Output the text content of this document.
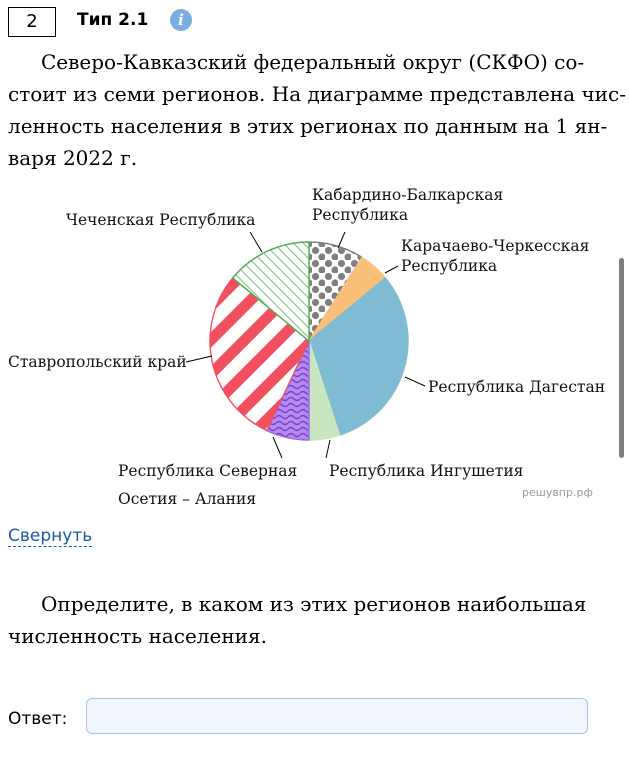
2	Тип 2.1	i

Северо-Кавказский федеральный округ (СКФО) со-
стоит из семи регионов. На диаграмме представлена чис-
ленность населения в этих регионах по данным на 1 ян-
варя 2022 г.

Кабардино-Балкарская
Республика
Карачаево-Черкесская
Республика
Республика Дагестан
Республика Ингушетия
Республика Северная
Осетия – Алания
Ставропольский край
Чеченская Республика
решувпр.рф
Свернуть

Определите, в каком из этих регионов наибольшая
численность населения.

Ответ:
